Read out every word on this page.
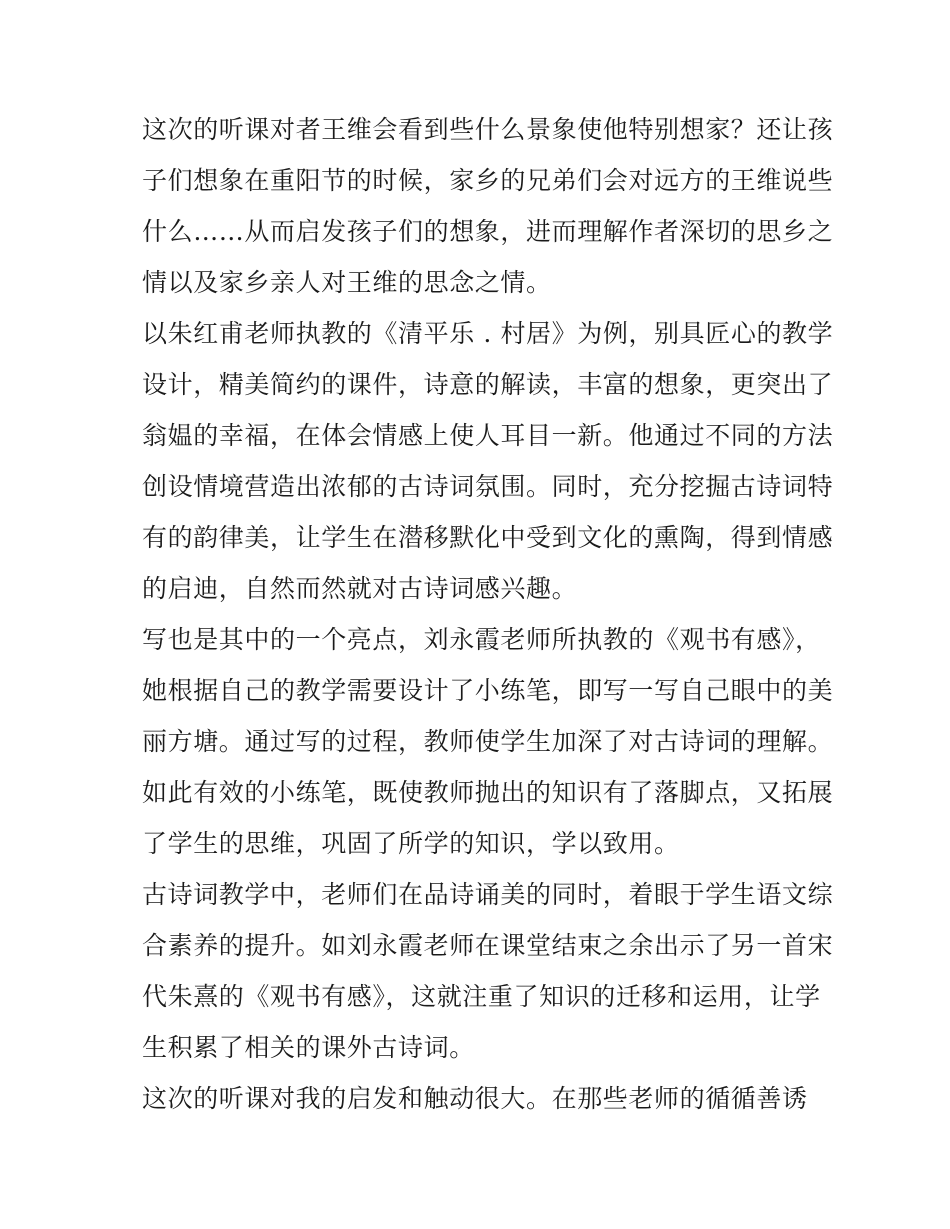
这次的听课对者王维会看到些什么景象使他特别想家？还让孩
子们想象在重阳节的时候，家乡的兄弟们会对远方的王维说些
什么……从而启发孩子们的想象，进而理解作者深切的思乡之
情以及家乡亲人对王维的思念之情。
以朱红甫老师执教的《清平乐 . 村居》为例，别具匠心的教学
设计，精美简约的课件，诗意的解读，丰富的想象，更突出了
翁媪的幸福，在体会情感上使人耳目一新。他通过不同的方法
创设情境营造出浓郁的古诗词氛围。同时，充分挖掘古诗词特
有的韵律美，让学生在潜移默化中受到文化的熏陶，得到情感
的启迪，自然而然就对古诗词感兴趣。
写也是其中的一个亮点，刘永霞老师所执教的《观书有感》，
她根据自己的教学需要设计了小练笔，即写一写自己眼中的美
丽方塘。通过写的过程，教师使学生加深了对古诗词的理解。
如此有效的小练笔，既使教师抛出的知识有了落脚点，又拓展
了学生的思维，巩固了所学的知识，学以致用。
古诗词教学中，老师们在品诗诵美的同时，着眼于学生语文综
合素养的提升。如刘永霞老师在课堂结束之余出示了另一首宋
代朱熹的《观书有感》，这就注重了知识的迁移和运用，让学
生积累了相关的课外古诗词。
这次的听课对我的启发和触动很大。在那些老师的循循善诱
